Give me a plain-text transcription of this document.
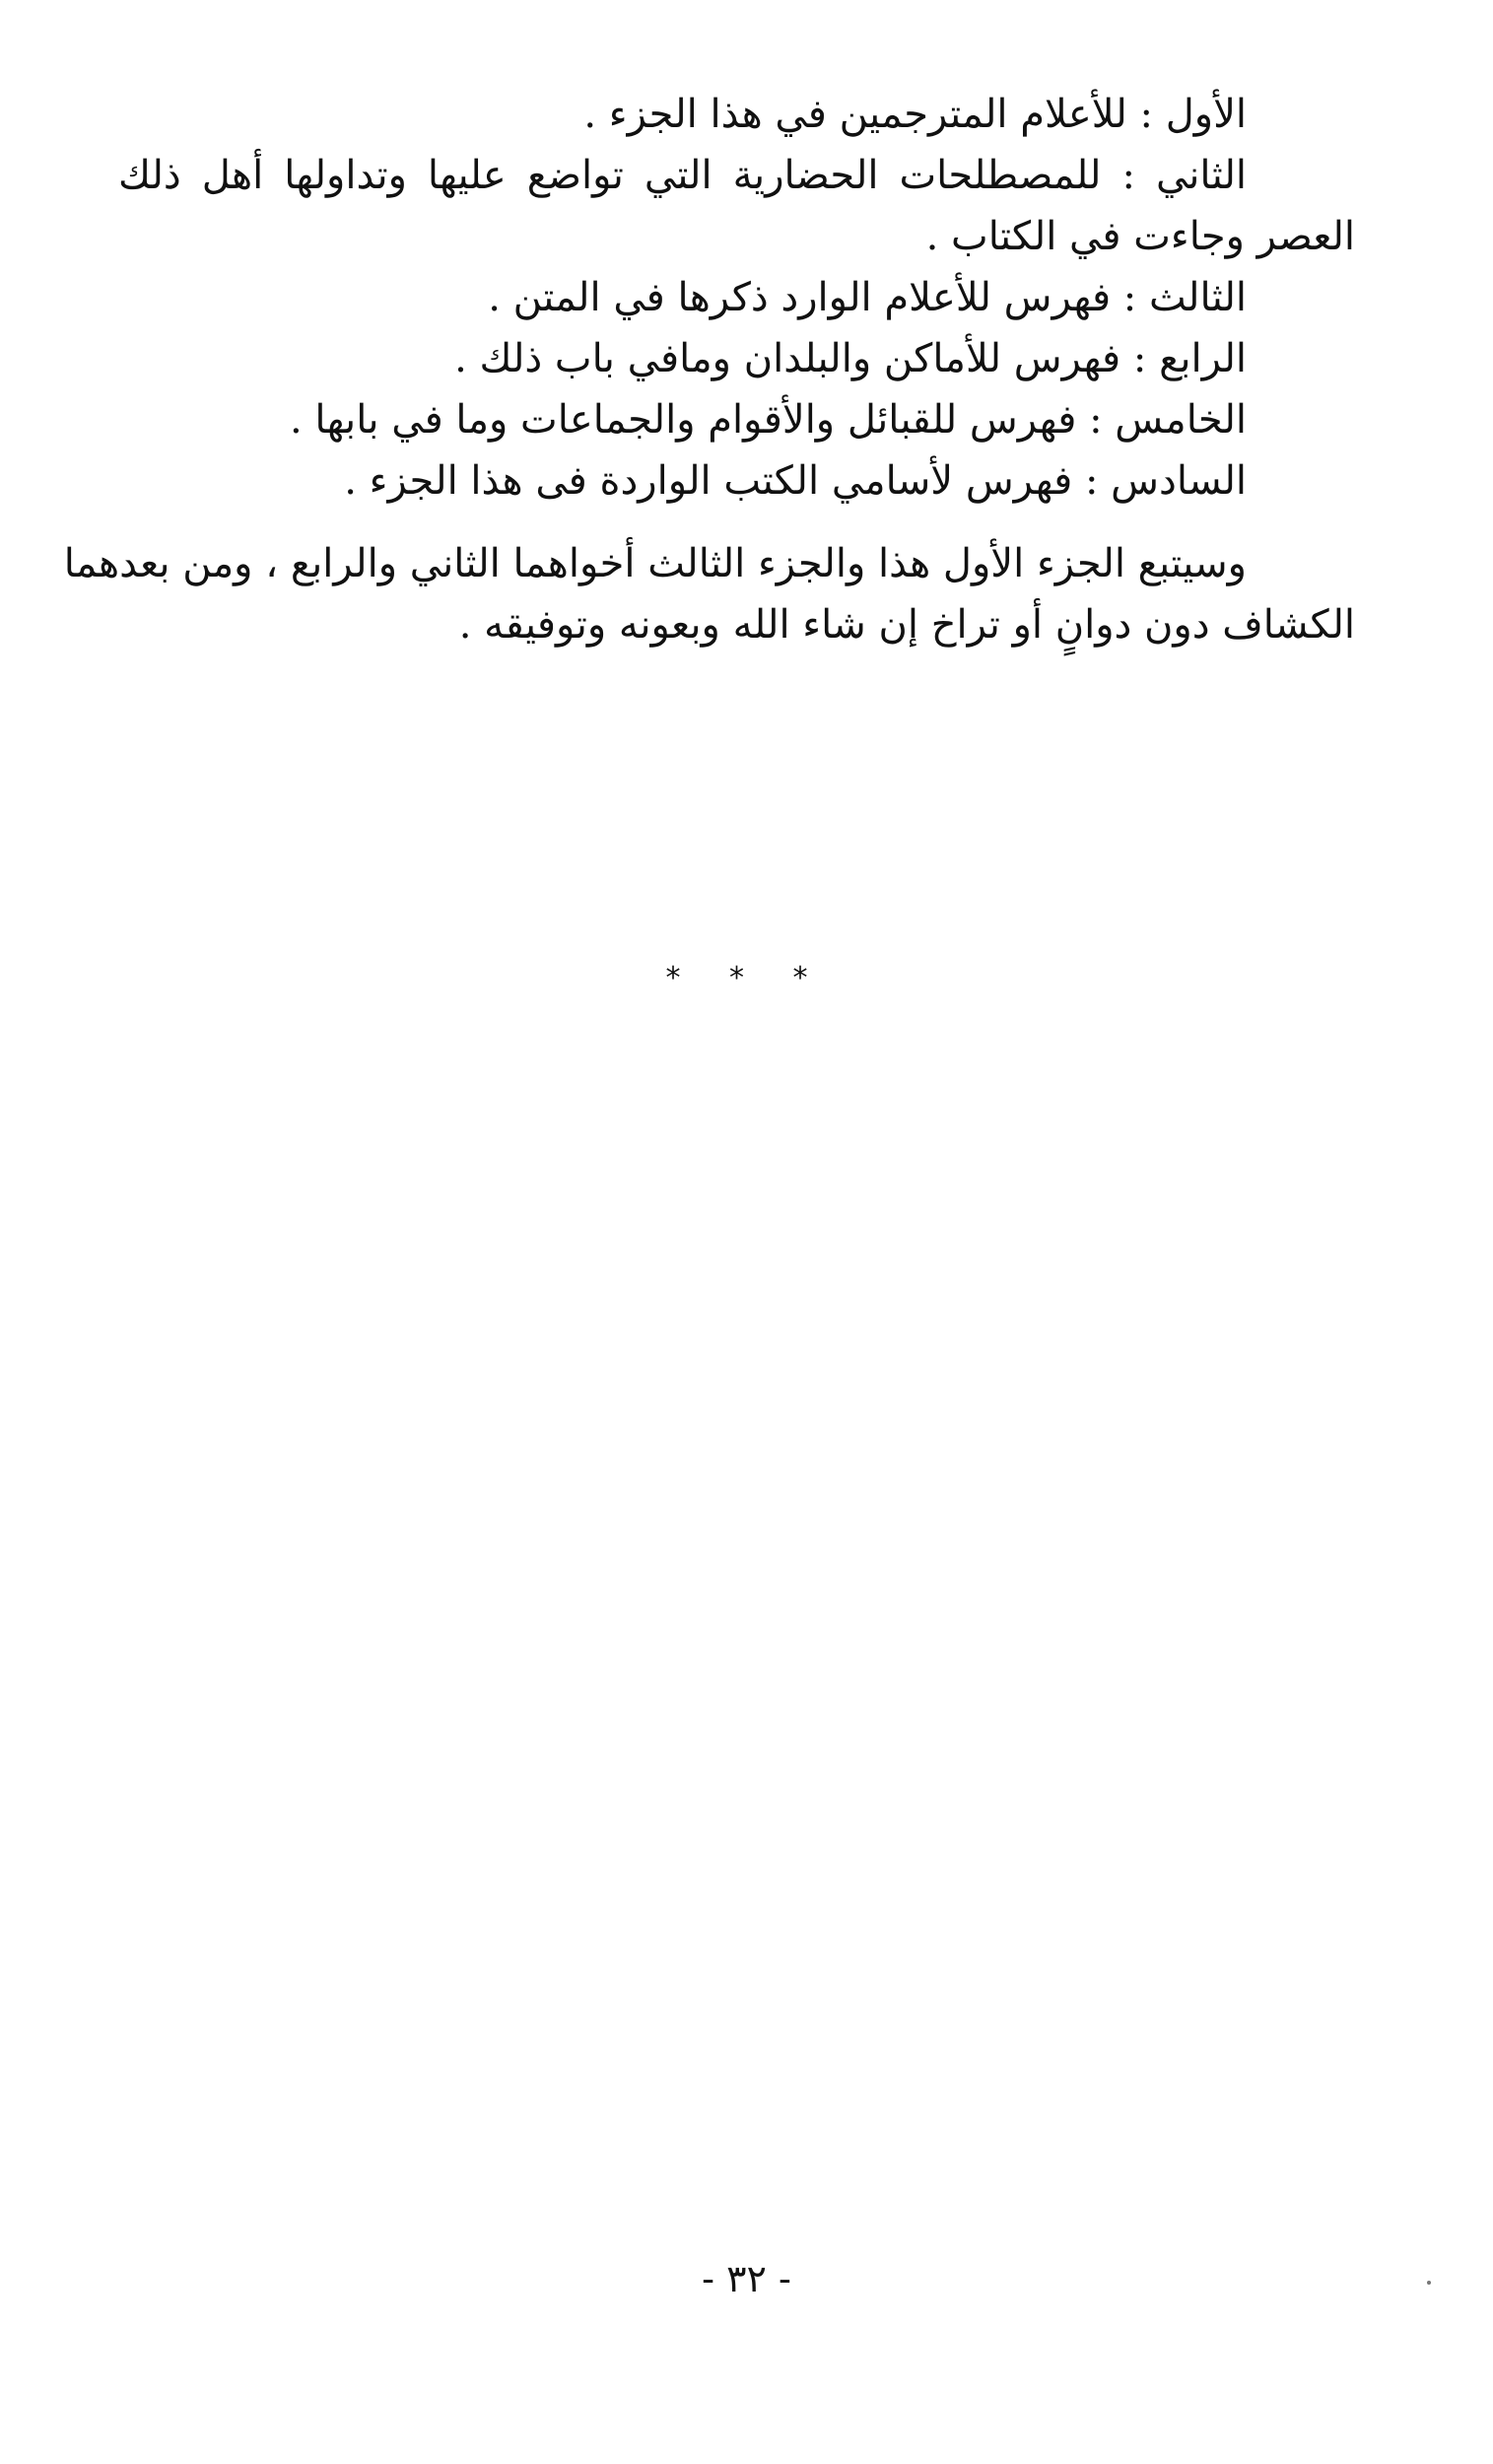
الأول : للأعلام المترجمين في هذا الجزء .
الثاني : للمصطلحات الحضارية التي تواضع عليها وتداولها أهل ذلك
العصر وجاءت في الكتاب .
الثالث : فهرس للأعلام الوارد ذكرها في المتن .
الرابع : فهرس للأماكن والبلدان ومافي باب ذلك .
الخامس : فهرس للقبائل والأقوام والجماعات وما في بابها .
السادس : فهرس لأسامي الكتب الواردة فى هذا الجزء .
وسيتبع الجزء الأول هذا والجزء الثالث أخواهما الثاني والرابع ، ومن بعدهما
الكشاف دون دوانٍ أو تراخ إن شاء الله وبعونه وتوفيقه .
* * *
- ٣٢ -
